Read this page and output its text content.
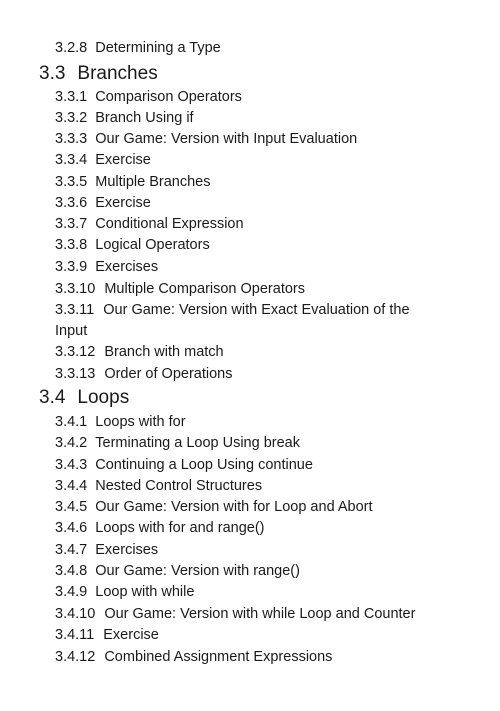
3.2.8 Determining a Type
3.3 Branches
3.3.1 Comparison Operators
3.3.2 Branch Using if
3.3.3 Our Game: Version with Input Evaluation
3.3.4 Exercise
3.3.5 Multiple Branches
3.3.6 Exercise
3.3.7 Conditional Expression
3.3.8 Logical Operators
3.3.9 Exercises
3.3.10 Multiple Comparison Operators
3.3.11 Our Game: Version with Exact Evaluation of the
Input
3.3.12 Branch with match
3.3.13 Order of Operations
3.4 Loops
3.4.1 Loops with for
3.4.2 Terminating a Loop Using break
3.4.3 Continuing a Loop Using continue
3.4.4 Nested Control Structures
3.4.5 Our Game: Version with for Loop and Abort
3.4.6 Loops with for and range()
3.4.7 Exercises
3.4.8 Our Game: Version with range()
3.4.9 Loop with while
3.4.10 Our Game: Version with while Loop and Counter
3.4.11 Exercise
3.4.12 Combined Assignment Expressions
